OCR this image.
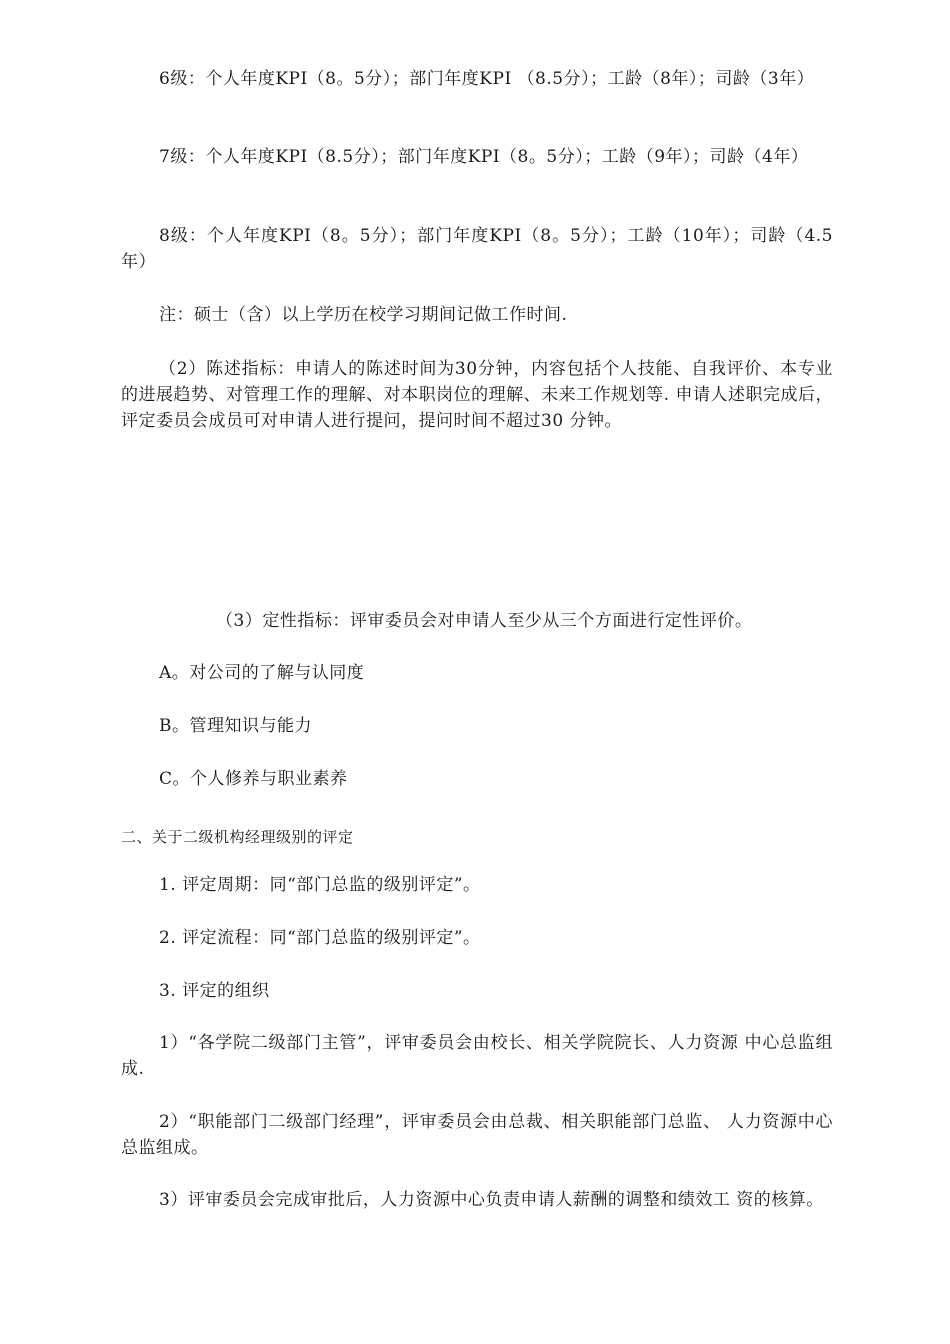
6级：个人年度KPI（8。5分）；部门年度KPI （8.5分）；工龄（8年）；司龄（3年）

7级：个人年度KPI（8.5分）；部门年度KPI（8。5分）；工龄（9年）；司龄（4年）

8级：个人年度KPI（8。5分）；部门年度KPI（8。5分）；工龄（10年）；司龄（4.5年）

注：硕士（含）以上学历在校学习期间记做工作时间.

（2）陈述指标：申请人的陈述时间为30分钟，内容包括个人技能、自我评价、本专业的进展趋势、对管理工作的理解、对本职岗位的理解、未来工作规划等. 申请人述职完成后，评定委员会成员可对申请人进行提问，提问时间不超过30 分钟。

（3）定性指标：评审委员会对申请人至少从三个方面进行定性评价。

A。对公司的了解与认同度

B。管理知识与能力

C。个人修养与职业素养

二、关于二级机构经理级别的评定

1. 评定周期：同“部门总监的级别评定”。

2. 评定流程：同“部门总监的级别评定”。

3. 评定的组织

1）“各学院二级部门主管”，评审委员会由校长、相关学院院长、人力资源 中心总监组成.

2）“职能部门二级部门经理”，评审委员会由总裁、相关职能部门总监、 人力资源中心总监组成。

3）评审委员会完成审批后，人力资源中心负责申请人薪酬的调整和绩效工 资的核算。
